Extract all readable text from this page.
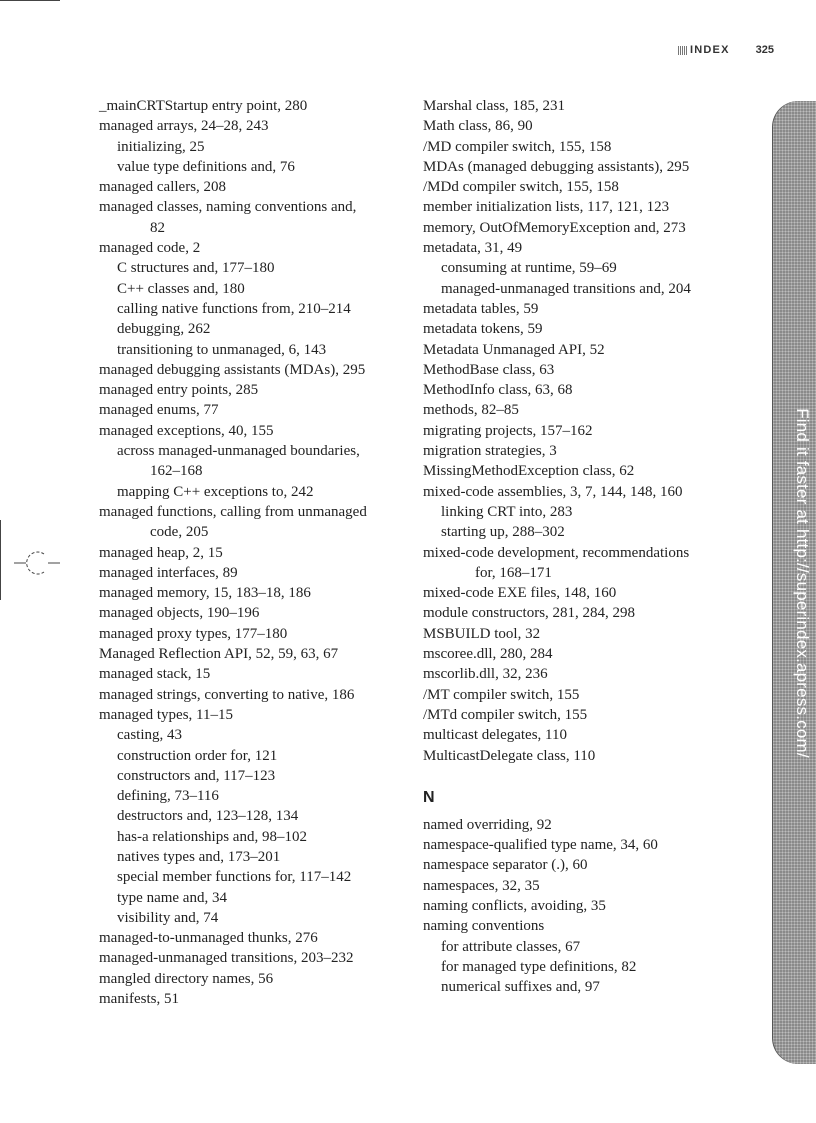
INDEX 325
_mainCRTStartup entry point, 280
managed arrays, 24–28, 243
initializing, 25
value type definitions and, 76
managed callers, 208
managed classes, naming conventions and,
82
managed code, 2
C structures and, 177–180
C++ classes and, 180
calling native functions from, 210–214
debugging, 262
transitioning to unmanaged, 6, 143
managed debugging assistants (MDAs), 295
managed entry points, 285
managed enums, 77
managed exceptions, 40, 155
across managed-unmanaged boundaries,
162–168
mapping C++ exceptions to, 242
managed functions, calling from unmanaged
code, 205
managed heap, 2, 15
managed interfaces, 89
managed memory, 15, 183–18, 186
managed objects, 190–196
managed proxy types, 177–180
Managed Reflection API, 52, 59, 63, 67
managed stack, 15
managed strings, converting to native, 186
managed types, 11–15
casting, 43
construction order for, 121
constructors and, 117–123
defining, 73–116
destructors and, 123–128, 134
has-a relationships and, 98–102
natives types and, 173–201
special member functions for, 117–142
type name and, 34
visibility and, 74
managed-to-unmanaged thunks, 276
managed-unmanaged transitions, 203–232
mangled directory names, 56
manifests, 51
Marshal class, 185, 231
Math class, 86, 90
/MD compiler switch, 155, 158
MDAs (managed debugging assistants), 295
/MDd compiler switch, 155, 158
member initialization lists, 117, 121, 123
memory, OutOfMemoryException and, 273
metadata, 31, 49
consuming at runtime, 59–69
managed-unmanaged transitions and, 204
metadata tables, 59
metadata tokens, 59
Metadata Unmanaged API, 52
MethodBase class, 63
MethodInfo class, 63, 68
methods, 82–85
migrating projects, 157–162
migration strategies, 3
MissingMethodException class, 62
mixed-code assemblies, 3, 7, 144, 148, 160
linking CRT into, 283
starting up, 288–302
mixed-code development, recommendations
for, 168–171
mixed-code EXE files, 148, 160
module constructors, 281, 284, 298
MSBUILD tool, 32
mscoree.dll, 280, 284
mscorlib.dll, 32, 236
/MT compiler switch, 155
/MTd compiler switch, 155
multicast delegates, 110
MulticastDelegate class, 110
N
named overriding, 92
namespace-qualified type name, 34, 60
namespace separator (.), 60
namespaces, 32, 35
naming conflicts, avoiding, 35
naming conventions
for attribute classes, 67
for managed type definitions, 82
numerical suffixes and, 97
Find it faster at http://superindex.apress.com/
